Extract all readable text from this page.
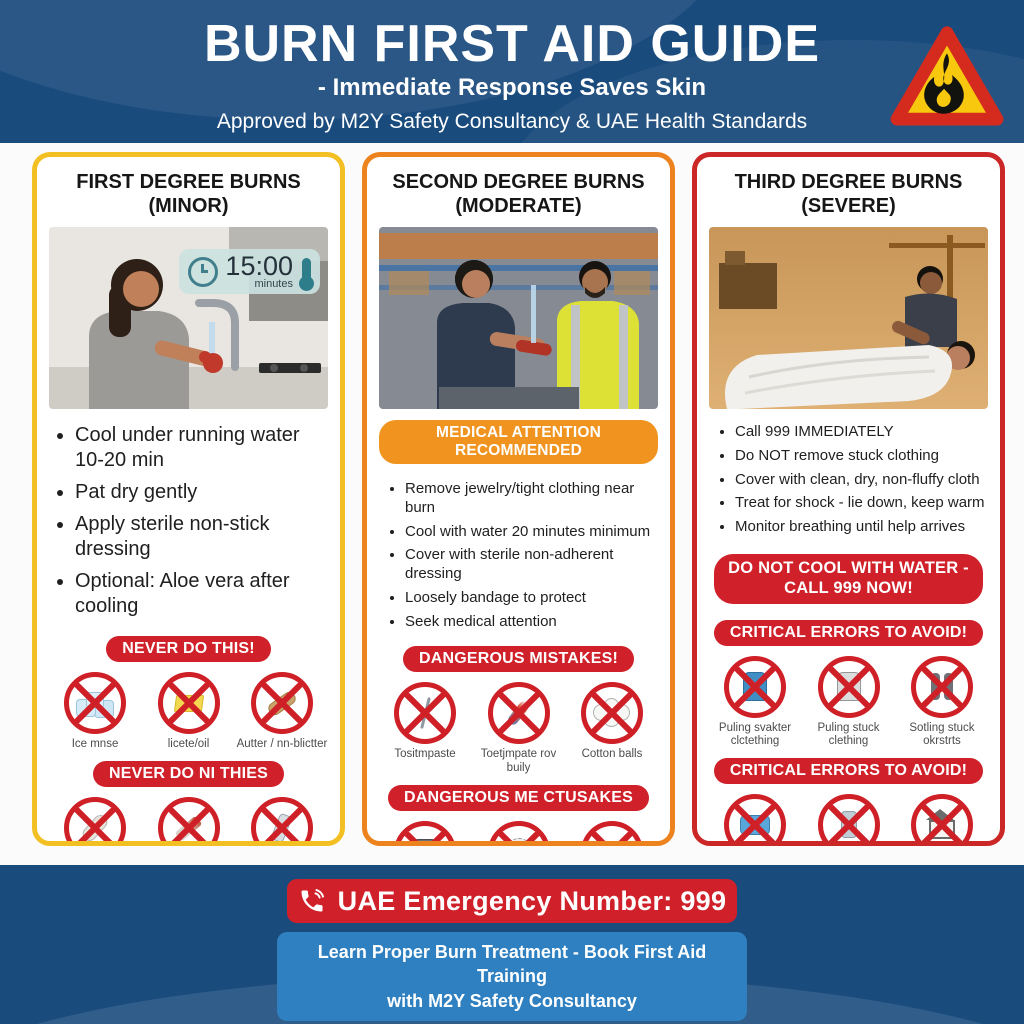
BURN FIRST AID GUIDE
- Immediate Response Saves Skin
Approved by M2Y Safety Consultancy & UAE Health Standards
FIRST DEGREE BURNS
(MINOR)
15:00
minutes
• Cool under running water 10-20 min
• Pat dry gently
• Apply sterile non-stick dressing
• Optional: Aloe vera after cooling
NEVER DO THIS!
Ice mnse	licete/oil Autter / nn-blictter
NEVER DO NI THIES
SECOND DEGREE BURNS
(MODERATE)
MEDICAL ATTENTION RECOMMENDED
• Remove jewelry/tight clothing near burn
• Cool with water 20 minutes minimum
• Cover with sterile non-adherent dressing
• Loosely bandage to protect
• Seek medical attention
DANGEROUS MISTAKES!
Tositmpaste	Toetjmpate rov buily
Cotton balls
DANGEROUS ME CTUSAKES
THIRD DEGREE BURNS
(SEVERE)
• Call 999 IMMEDIATELY
• Do NOT remove stuck clothing
• Cover with clean, dry, non-fluffy cloth
• Treat for shock - lie down, keep warm
• Monitor breathing until help arrives
DO NOT COOL WITH WATER -
CALL 999 NOW!
CRITICAL ERRORS TO AVOID!
Puling svakter clctething
Puling stuck clething
Sotling stuck okrstrts
CRITICAL ERRORS TO AVOID!
UAE Emergency Number: 999
Learn Proper Burn Treatment - Book First Aid Training
with M2Y Safety Consultancy
